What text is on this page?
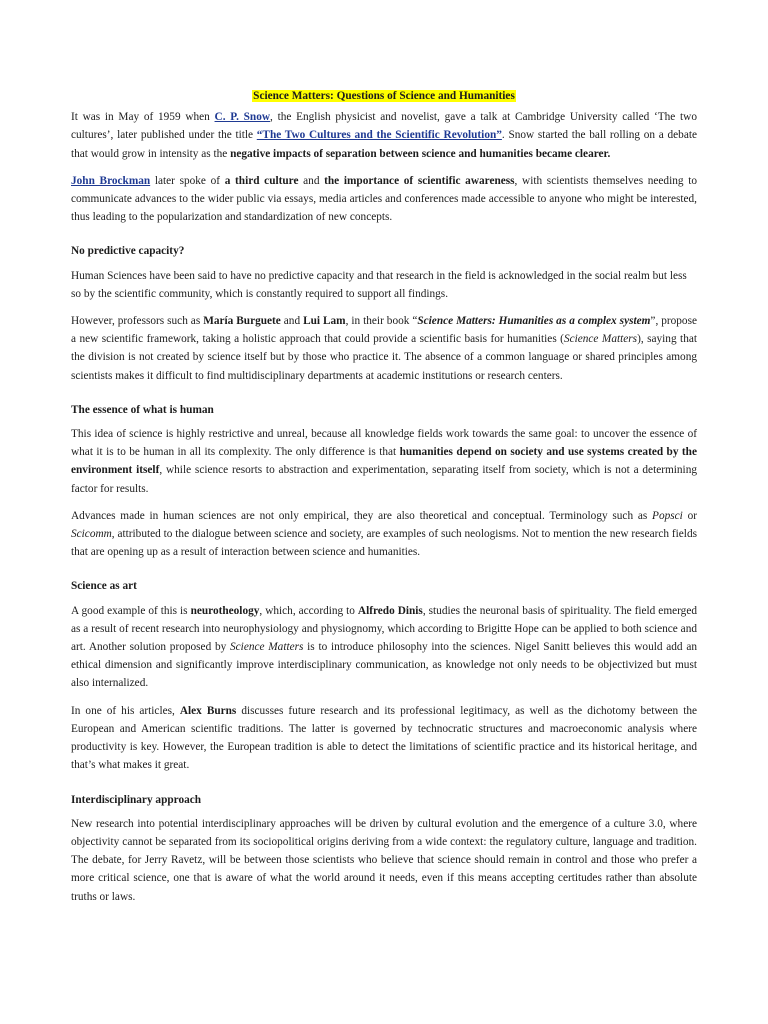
Science Matters: Questions of Science and Humanities

It was in May of 1959 when C. P. Snow, the English physicist and novelist, gave a talk at Cambridge University called ‘The two cultures’, later published under the title “The Two Cultures and the Scientific Revolution”. Snow started the ball rolling on a debate that would grow in intensity as the negative impacts of separation between science and humanities became clearer.

John Brockman later spoke of a third culture and the importance of scientific awareness, with scientists themselves needing to communicate advances to the wider public via essays, media articles and conferences made accessible to anyone who might be interested, thus leading to the popularization and standardization of new concepts.

No predictive capacity?

Human Sciences have been said to have no predictive capacity and that research in the field is acknowledged in the social realm but less so by the scientific community, which is constantly required to support all findings.

However, professors such as María Burguete and Lui Lam, in their book “Science Matters: Humanities as a complex system”, propose a new scientific framework, taking a holistic approach that could provide a scientific basis for humanities (Science Matters), saying that the division is not created by science itself but by those who practice it. The absence of a common language or shared principles among scientists makes it difficult to find multidisciplinary departments at academic institutions or research centers.

The essence of what is human

This idea of science is highly restrictive and unreal, because all knowledge fields work towards the same goal: to uncover the essence of what it is to be human in all its complexity. The only difference is that humanities depend on society and use systems created by the environment itself, while science resorts to abstraction and experimentation, separating itself from society, which is not a determining factor for results.

Advances made in human sciences are not only empirical, they are also theoretical and conceptual. Terminology such as Popsci or Scicomm, attributed to the dialogue between science and society, are examples of such neologisms. Not to mention the new research fields that are opening up as a result of interaction between science and humanities.

Science as art

A good example of this is neurotheology, which, according to Alfredo Dinis, studies the neuronal basis of spirituality. The field emerged as a result of recent research into neurophysiology and physiognomy, which according to Brigitte Hope can be applied to both science and art. Another solution proposed by Science Matters is to introduce philosophy into the sciences. Nigel Sanitt believes this would add an ethical dimension and significantly improve interdisciplinary communication, as knowledge not only needs to be objectivized but must also internalized.

In one of his articles, Alex Burns discusses future research and its professional legitimacy, as well as the dichotomy between the European and American scientific traditions. The latter is governed by technocratic structures and macroeconomic analysis where productivity is key. However, the European tradition is able to detect the limitations of scientific practice and its historical heritage, and that’s what makes it great.

Interdisciplinary approach

New research into potential interdisciplinary approaches will be driven by cultural evolution and the emergence of a culture 3.0, where objectivity cannot be separated from its sociopolitical origins deriving from a wide context: the regulatory culture, language and tradition. The debate, for Jerry Ravetz, will be between those scientists who believe that science should remain in control and those who prefer a more critical science, one that is aware of what the world around it needs, even if this means accepting certitudes rather than absolute truths or laws.
